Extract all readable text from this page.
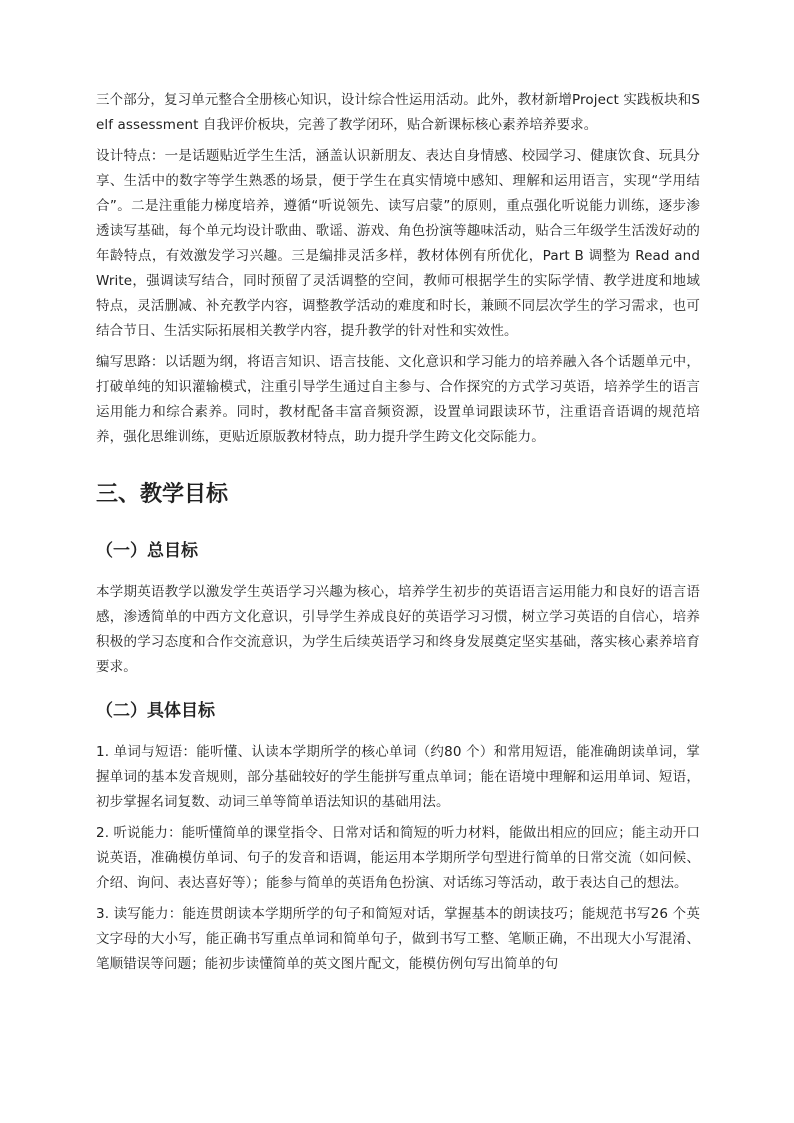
三个部分，复习单元整合全册核心知识，设计综合性运用活动。此外，教材新增Project 实践板块和Self assessment 自我评价板块，完善了教学闭环，贴合新课标核心素养培养要求。

设计特点：一是话题贴近学生生活，涵盖认识新朋友、表达自身情感、校园学习、健康饮食、玩具分享、生活中的数字等学生熟悉的场景，便于学生在真实情境中感知、理解和运用语言，实现“学用结合”。二是注重能力梯度培养，遵循“听说领先、读写启蒙”的原则，重点强化听说能力训练，逐步渗透读写基础，每个单元均设计歌曲、歌谣、游戏、角色扮演等趣味活动，贴合三年级学生活泼好动的年龄特点，有效激发学习兴趣。三是编排灵活多样，教材体例有所优化，Part B 调整为 Read and Write，强调读写结合，同时预留了灵活调整的空间，教师可根据学生的实际学情、教学进度和地域特点，灵活删减、补充教学内容，调整教学活动的难度和时长，兼顾不同层次学生的学习需求，也可结合节日、生活实际拓展相关教学内容，提升教学的针对性和实效性。

编写思路：以话题为纲，将语言知识、语言技能、文化意识和学习能力的培养融入各个话题单元中，打破单纯的知识灌输模式，注重引导学生通过自主参与、合作探究的方式学习英语，培养学生的语言运用能力和综合素养。同时，教材配备丰富音频资源，设置单词跟读环节，注重语音语调的规范培养，强化思维训练，更贴近原版教材特点，助力提升学生跨文化交际能力。

三、教学目标
（一）总目标

本学期英语教学以激发学生英语学习兴趣为核心，培养学生初步的英语语言运用能力和良好的语言语感，渗透简单的中西方文化意识，引导学生养成良好的英语学习习惯，树立学习英语的自信心，培养积极的学习态度和合作交流意识，为学生后续英语学习和终身发展奠定坚实基础，落实核心素养培育要求。

（二）具体目标

1. 单词与短语：能听懂、认读本学期所学的核心单词（约80 个）和常用短语，能准确朗读单词，掌握单词的基本发音规则，部分基础较好的学生能拼写重点单词；能在语境中理解和运用单词、短语，初步掌握名词复数、动词三单等简单语法知识的基础用法。

2. 听说能力：能听懂简单的课堂指令、日常对话和简短的听力材料，能做出相应的回应；能主动开口说英语，准确模仿单词、句子的发音和语调，能运用本学期所学句型进行简单的日常交流（如问候、介绍、询问、表达喜好等）；能参与简单的英语角色扮演、对话练习等活动，敢于表达自己的想法。

3. 读写能力：能连贯朗读本学期所学的句子和简短对话，掌握基本的朗读技巧；能规范书写26 个英文字母的大小写，能正确书写重点单词和简单句子，做到书写工整、笔顺正确，不出现大小写混淆、笔顺错误等问题；能初步读懂简单的英文图片配文，能模仿例句写出简单的句
